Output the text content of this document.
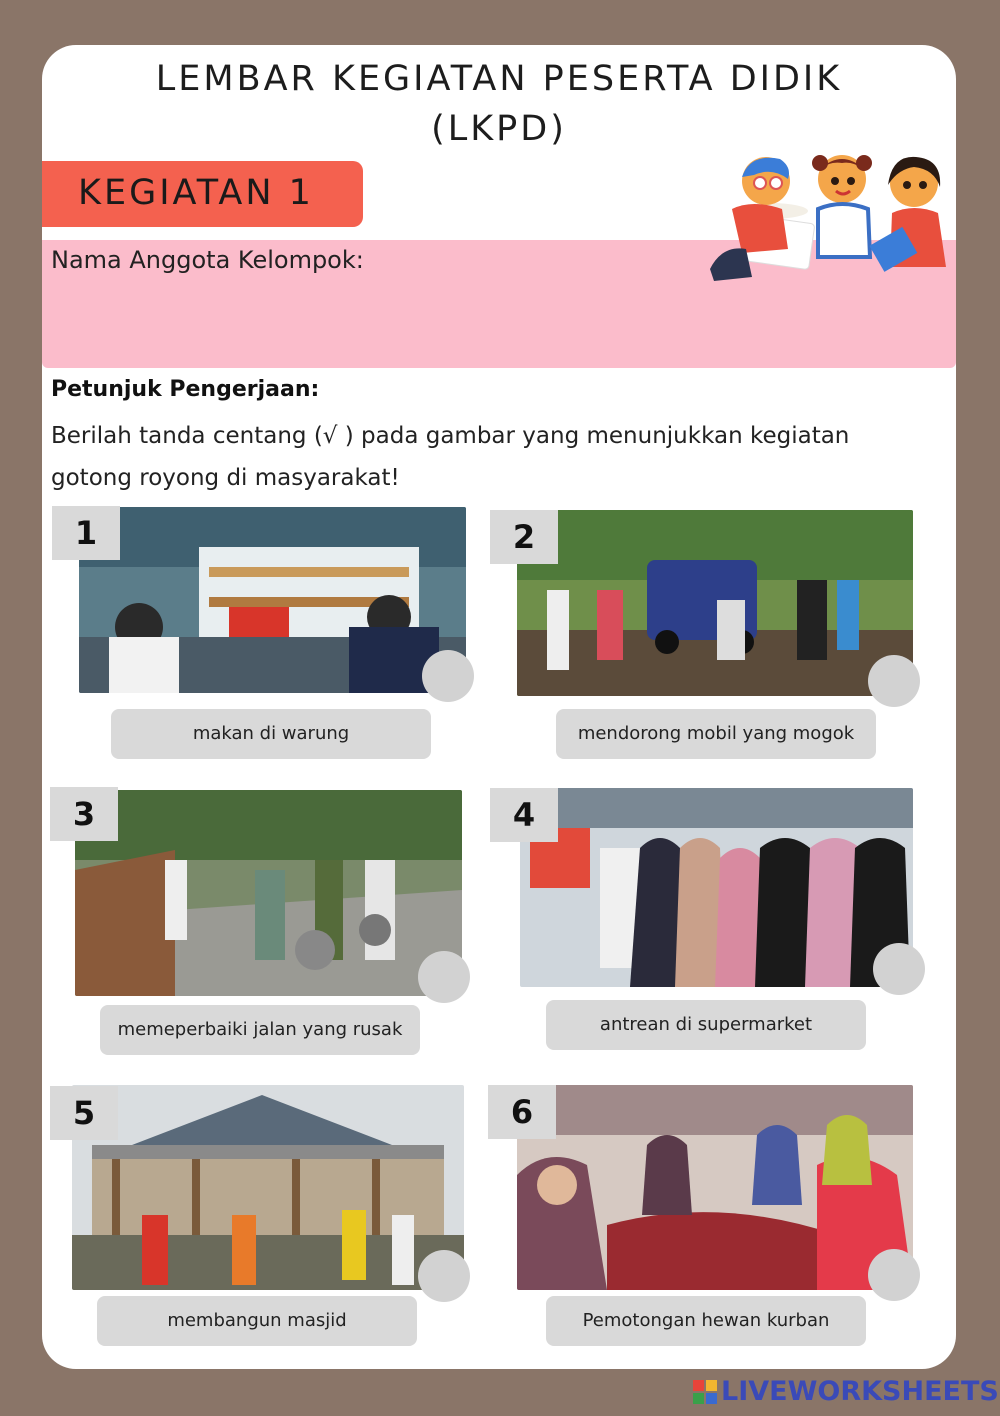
LEMBAR KEGIATAN PESERTA DIDIK
(LKPD)
KEGIATAN 1
Nama Anggota Kelompok:
Petunjuk Pengerjaan:
Berilah tanda centang (√ ) pada gambar yang menunjukkan kegiatan gotong royong di masyarakat!
1
makan di warung
2
mendorong mobil yang mogok
3
memeperbaiki jalan yang rusak
4
antrean di supermarket
5
membangun masjid
6
Pemotongan hewan kurban
LIVEWORKSHEETS
